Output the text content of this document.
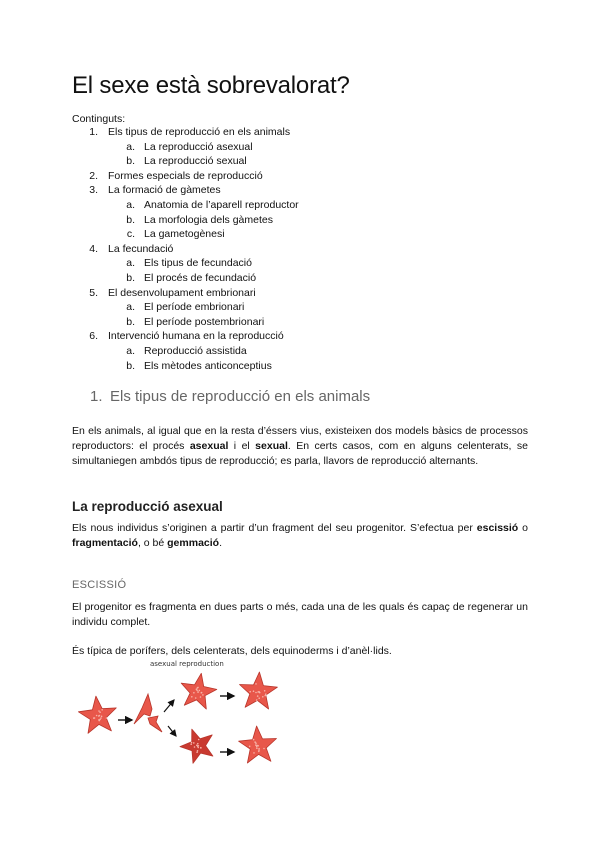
El sexe està sobrevalorat?
Continguts:
1. Els tipus de reproducció en els animals
a. La reproducció asexual
b. La reproducció sexual
2. Formes especials de reproducció
3. La formació de gàmetes
a. Anatomia de l’aparell reproductor
b. La morfologia dels gàmetes
c. La gametogènesi
4. La fecundació
a. Els tipus de fecundació
b. El procés de fecundació
5. El desenvolupament embrionari
a. El període embrionari
b. El període postembrionari
6. Intervenció humana en la reproducció
a. Reproducció assistida
b. Els mètodes anticonceptius
1. Els tipus de reproducció en els animals

En els animals, al igual que en la resta d’éssers vius, existeixen dos models bàsics de processos reproductors: el procés asexual i el sexual. En certs casos, com en alguns celenterats, se simultaniegen ambdós tipus de reproducció; es parla, llavors de reproducció alternants.

La reproducció asexual

Els nous individus s’originen a partir d’un fragment del seu progenitor. S’efectua per escissió o fragmentació, o bé gemmació.

ESCISSIÓ

El progenitor es fragmenta en dues parts o més, cada una de les quals és capaç de regenerar un individu complet.

És típica de porífers, dels celenterats, dels equinoderms i d’anèl·lids.

asexual reproduction
